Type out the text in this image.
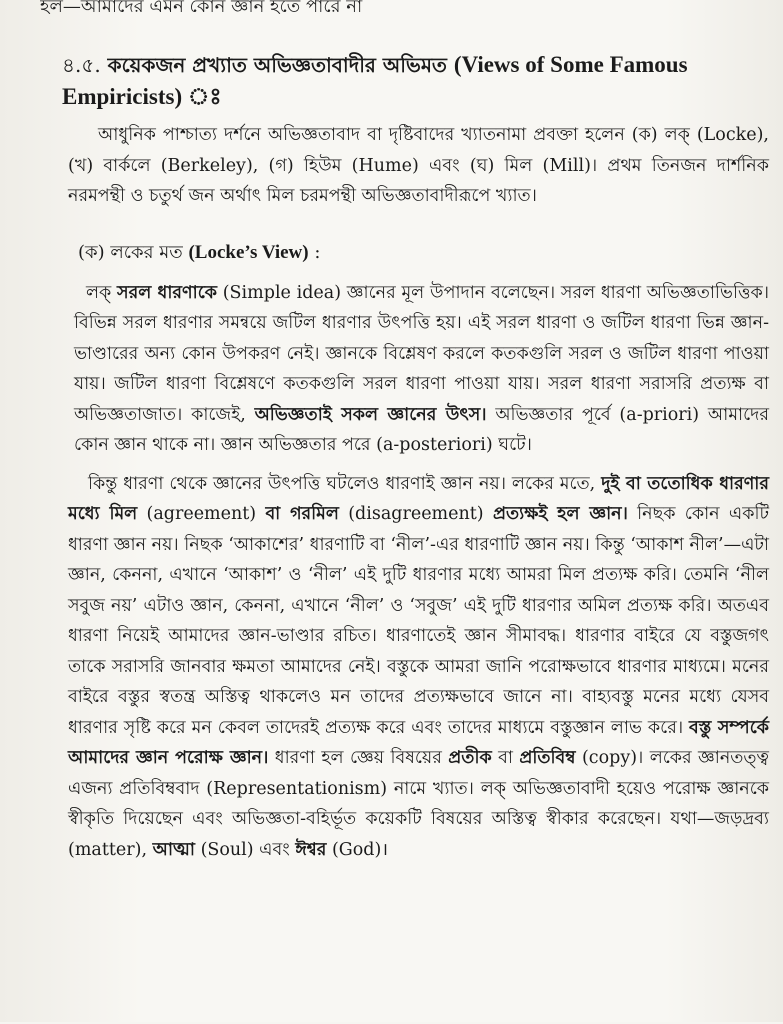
হল—আমাদের এমন কোন জ্ঞান হতে পারে না
৪.৫. কয়েকজন প্রখ্যাত অভিজ্ঞতাবাদীর অভিমত (Views of Some Famous
Empiricists) ঃ

আধুনিক পাশ্চাত্য দর্শনে অভিজ্ঞতাবাদ বা দৃষ্টিবাদের খ্যাতনামা প্রবক্তা হলেন (ক) লক্ (Locke), (খ) বার্কলে (Berkeley), (গ) হিউম (Hume) এবং (ঘ) মিল (Mill)। প্রথম তিনজন দার্শনিক নরমপন্থী ও চতুর্থ জন অর্থাৎ মিল চরমপন্থী অভিজ্ঞতাবাদীরূপে খ্যাত।

(ক) লকের মত (Locke’s View) :

লক্ সরল ধারণাকে (Simple idea) জ্ঞানের মূল উপাদান বলেছেন। সরল ধারণা অভিজ্ঞতাভিত্তিক। বিভিন্ন সরল ধারণার সমন্বয়ে জটিল ধারণার উৎপত্তি হয়। এই সরল ধারণা ও জটিল ধারণা ভিন্ন জ্ঞান-ভাণ্ডারের অন্য কোন উপকরণ নেই। জ্ঞানকে বিশ্লেষণ করলে কতকগুলি সরল ও জটিল ধারণা পাওয়া যায়। জটিল ধারণা বিশ্লেষণে কতকগুলি সরল ধারণা পাওয়া যায়। সরল ধারণা সরাসরি প্রত্যক্ষ বা অভিজ্ঞতাজাত। কাজেই, অভিজ্ঞতাই সকল জ্ঞানের উৎস। অভিজ্ঞতার পূর্বে (a-priori) আমাদের কোন জ্ঞান থাকে না। জ্ঞান অভিজ্ঞতার পরে (a-posteriori) ঘটে।

কিন্তু ধারণা থেকে জ্ঞানের উৎপত্তি ঘটলেও ধারণাই জ্ঞান নয়। লকের মতে, দুই বা ততোধিক ধারণার মধ্যে মিল (agreement) বা গরমিল (disagreement) প্রত্যক্ষই হল জ্ঞান। নিছক কোন একটি ধারণা জ্ঞান নয়। নিছক ‘আকাশের’ ধারণাটি বা ‘নীল’-এর ধারণাটি জ্ঞান নয়। কিন্তু ‘আকাশ নীল’—এটা জ্ঞান, কেননা, এখানে ‘আকাশ’ ও ‘নীল’ এই দুটি ধারণার মধ্যে আমরা মিল প্রত্যক্ষ করি। তেমনি ‘নীল সবুজ নয়’ এটাও জ্ঞান, কেননা, এখানে ‘নীল’ ও ‘সবুজ’ এই দুটি ধারণার অমিল প্রত্যক্ষ করি। অতএব ধারণা নিয়েই আমাদের জ্ঞান-ভাণ্ডার রচিত। ধারণাতেই জ্ঞান সীমাবদ্ধ। ধারণার বাইরে যে বস্তুজগৎ তাকে সরাসরি জানবার ক্ষমতা আমাদের নেই। বস্তুকে আমরা জানি পরোক্ষভাবে ধারণার মাধ্যমে। মনের বাইরে বস্তুর স্বতন্ত্র অস্তিত্ব থাকলেও মন তাদের প্রত্যক্ষভাবে জানে না। বাহ্যবস্তু মনের মধ্যে যেসব ধারণার সৃষ্টি করে মন কেবল তাদেরই প্রত্যক্ষ করে এবং তাদের মাধ্যমে বস্তুজ্ঞান লাভ করে। বস্তু সম্পর্কে আমাদের জ্ঞান পরোক্ষ জ্ঞান। ধারণা হল জ্ঞেয় বিষয়ের প্রতীক বা প্রতিবিম্ব (copy)। লকের জ্ঞানতত্ত্ব এজন্য প্রতিবিম্ববাদ (Representationism) নামে খ্যাত। লক্ অভিজ্ঞতাবাদী হয়েও পরোক্ষ জ্ঞানকে স্বীকৃতি দিয়েছেন এবং অভিজ্ঞতা-বহির্ভূত কয়েকটি বিষয়ের অস্তিত্ব স্বীকার করেছেন। যথা—জড়দ্রব্য (matter), আত্মা (Soul) এবং ঈশ্বর (God)।
